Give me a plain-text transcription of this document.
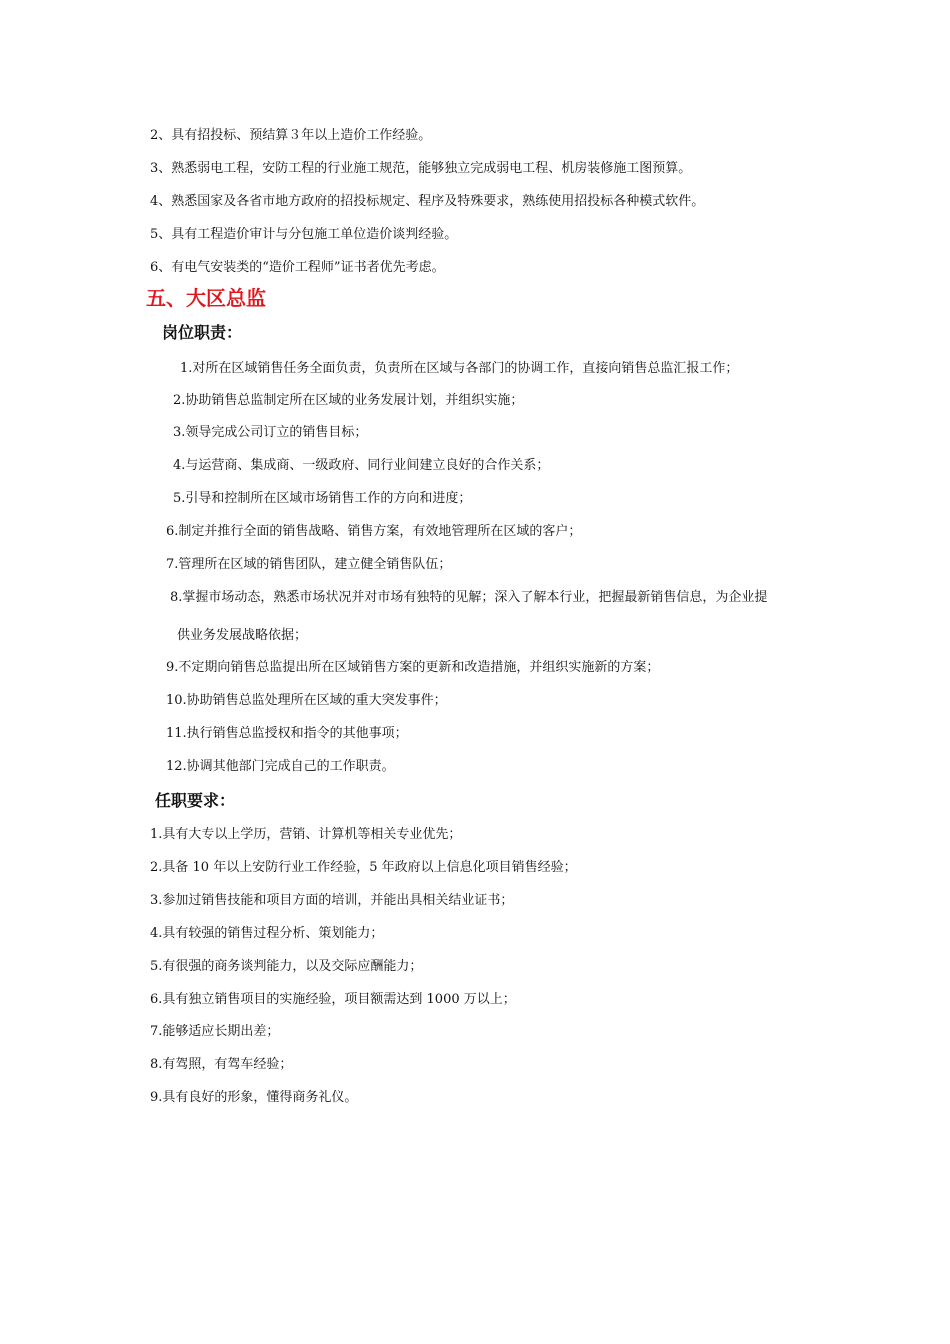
2、具有招投标、预结算３年以上造价工作经验。
3、熟悉弱电工程，安防工程的行业施工规范，能够独立完成弱电工程、机房装修施工图预算。
4、熟悉国家及各省市地方政府的招投标规定、程序及特殊要求，熟练使用招投标各种模式软件。
5、具有工程造价审计与分包施工单位造价谈判经验。
6、有电气安装类的“造价工程师”证书者优先考虑。
五、大区总监
岗位职责：
1.对所在区域销售任务全面负责，负责所在区域与各部门的协调工作，直接向销售总监汇报工作；
2.协助销售总监制定所在区域的业务发展计划，并组织实施；
3.领导完成公司订立的销售目标；
4.与运营商、集成商、一级政府、同行业间建立良好的合作关系；
5.引导和控制所在区域市场销售工作的方向和进度；
6.制定并推行全面的销售战略、销售方案，有效地管理所在区域的客户；
7.管理所在区域的销售团队，建立健全销售队伍；
8.掌握市场动态，熟悉市场状况并对市场有独特的见解；深入了解本行业，把握最新销售信息，为企业提
供业务发展战略依据；
9.不定期向销售总监提出所在区域销售方案的更新和改造措施，并组织实施新的方案；
10.协助销售总监处理所在区域的重大突发事件；
11.执行销售总监授权和指令的其他事项；
12.协调其他部门完成自己的工作职责。
任职要求：
1.具有大专以上学历，营销、计算机等相关专业优先；
2.具备 10 年以上安防行业工作经验，5 年政府以上信息化项目销售经验；
3.参加过销售技能和项目方面的培训，并能出具相关结业证书；
4.具有较强的销售过程分析、策划能力；
5.有很强的商务谈判能力，以及交际应酬能力；
6.具有独立销售项目的实施经验，项目额需达到 1000 万以上；
7.能够适应长期出差；
8.有驾照，有驾车经验；
9.具有良好的形象，懂得商务礼仪。
